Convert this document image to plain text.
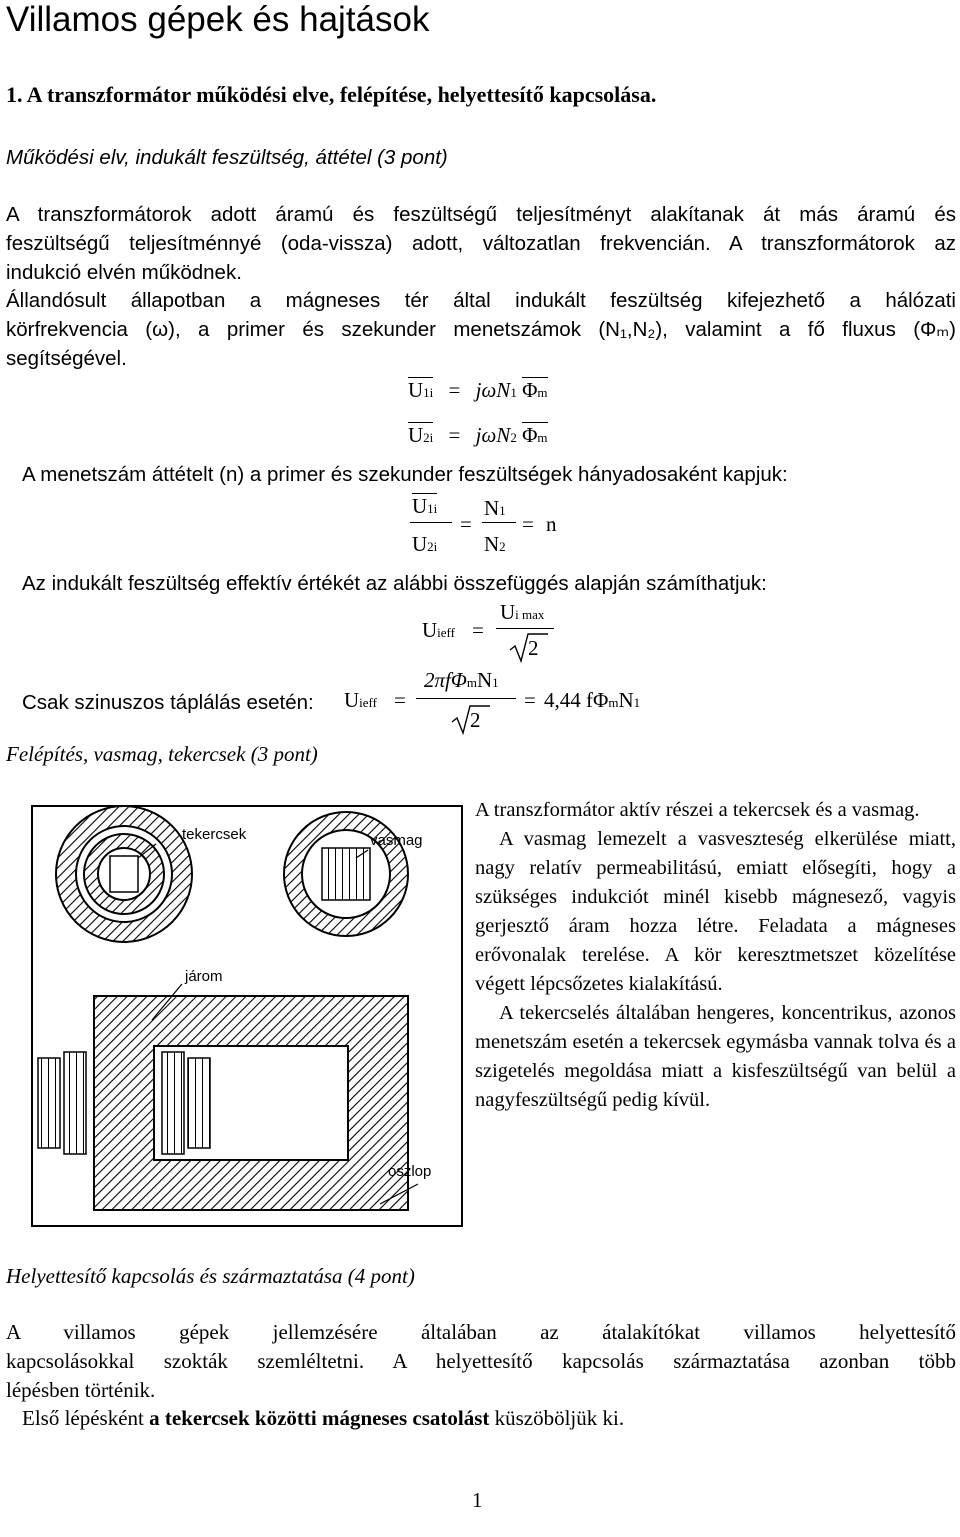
Villamos gépek és hajtások
1. A transzformátor működési elve, felépítése, helyettesítő kapcsolása.
Működési elv, indukált feszültség, áttétel (3 pont)
A transzformátorok adott áramú és feszültségű teljesítményt alakítanak át más áramú és
feszültségű teljesítménnyé (oda-vissza) adott, változatlan frekvencián. A transzformátorok az
indukció elvén működnek.
Állandósult állapotban a mágneses tér által indukált feszültség kifejezhető a hálózati
körfrekvencia (ω), a primer és szekunder menetszámok (N₁,N₂), valamint a fő fluxus (Φₘ)
segítségével.
U1i = jωN1 Φm
U2i = jωN2 Φm
A menetszám áttételt (n) a primer és szekunder feszültségek hányadosaként kapjuk:
U1i
U2i
=
N1
N2
= n
Az indukált feszültség effektív értékét az alábbi összefüggés alapján számíthatjuk:
Uieff =
Ui max
2
Csak szinuszos táplálás esetén: Uieff =
2πfΦmN1
2
= 4,44 fΦmN1
Felépítés, vasmag, tekercsek (3 pont)
tekercsek	vasmag
járom
oszlop
A transzformátor aktív részei a tekercsek és a vasmag.
A vasmag lemezelt a vasveszteség elkerülése miatt, nagy relatív permeabilitású, emiatt elősegíti, hogy a szükséges indukciót minél kisebb mágnesező, vagyis gerjesztő áram hozza létre. Feladata a mágneses erővonalak terelése. A kör keresztmetszet közelítése végett lépcsőzetes kialakítású.
A tekercselés általában hengeres, koncentrikus, azonos menetszám esetén a tekercsek egymásba vannak tolva és a szigetelés megoldása miatt a kisfeszültségű van belül a nagyfeszültségű pedig kívül.
Helyettesítő kapcsolás és származtatása (4 pont)
A villamos gépek jellemzésére általában az átalakítókat villamos helyettesítő
kapcsolásokkal szokták szemléltetni. A helyettesítő kapcsolás származtatása azonban több
lépésben történik.
Első lépésként a tekercsek közötti mágneses csatolást küszöböljük ki.
1
